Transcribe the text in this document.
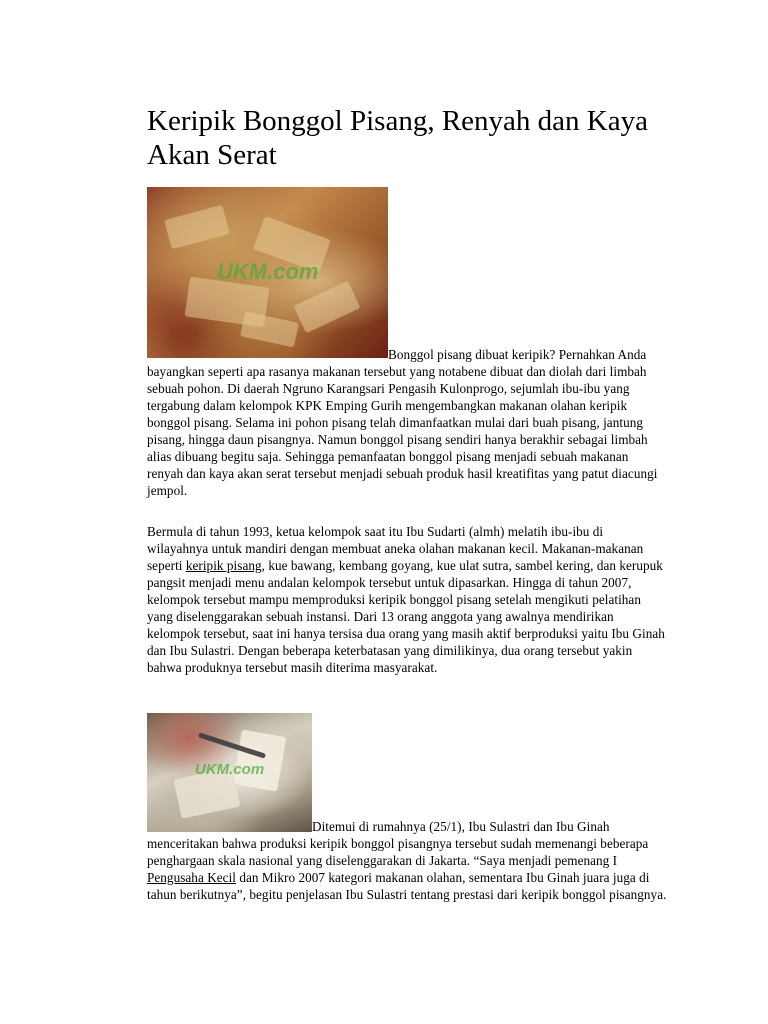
Keripik Bonggol Pisang, Renyah dan Kaya Akan Serat
UKM.com
UKM.com

Bonggol pisang dibuat keripik? Pernahkan Anda bayangkan seperti apa rasanya makanan tersebut yang notabene dibuat dan diolah dari limbah sebuah pohon. Di daerah Ngruno Karangsari Pengasih Kulonprogo, sejumlah ibu-ibu yang tergabung dalam kelompok KPK Emping Gurih mengembangkan makanan olahan keripik bonggol pisang. Selama ini pohon pisang telah dimanfaatkan mulai dari buah pisang, jantung pisang, hingga daun pisangnya. Namun bonggol pisang sendiri hanya berakhir sebagai limbah alias dibuang begitu saja. Sehingga pemanfaatan bonggol pisang menjadi sebuah makanan renyah dan kaya akan serat tersebut menjadi sebuah produk hasil kreatifitas yang patut diacungi jempol.

Bermula di tahun 1993, ketua kelompok saat itu Ibu Sudarti (almh) melatih ibu-ibu di wilayahnya untuk mandiri dengan membuat aneka olahan makanan kecil. Makanan-makanan seperti keripik pisang, kue bawang, kembang goyang, kue ulat sutra, sambel kering, dan kerupuk pangsit menjadi menu andalan kelompok tersebut untuk dipasarkan. Hingga di tahun 2007, kelompok tersebut mampu memproduksi keripik bonggol pisang setelah mengikuti pelatihan yang diselenggarakan sebuah instansi. Dari 13 orang anggota yang awalnya mendirikan kelompok tersebut, saat ini hanya tersisa dua orang yang masih aktif berproduksi yaitu Ibu Ginah dan Ibu Sulastri. Dengan beberapa keterbatasan yang dimilikinya, dua orang tersebut yakin bahwa produknya tersebut masih diterima masyarakat.

Ditemui di rumahnya (25/1), Ibu Sulastri dan Ibu Ginah menceritakan bahwa produksi keripik bonggol pisangnya tersebut sudah memenangi beberapa penghargaan skala nasional yang diselenggarakan di Jakarta. “Saya menjadi pemenang I Pengusaha Kecil dan Mikro 2007 kategori makanan olahan, sementara Ibu Ginah juara juga di tahun berikutnya”, begitu penjelasan Ibu Sulastri tentang prestasi dari keripik bonggol pisangnya.
